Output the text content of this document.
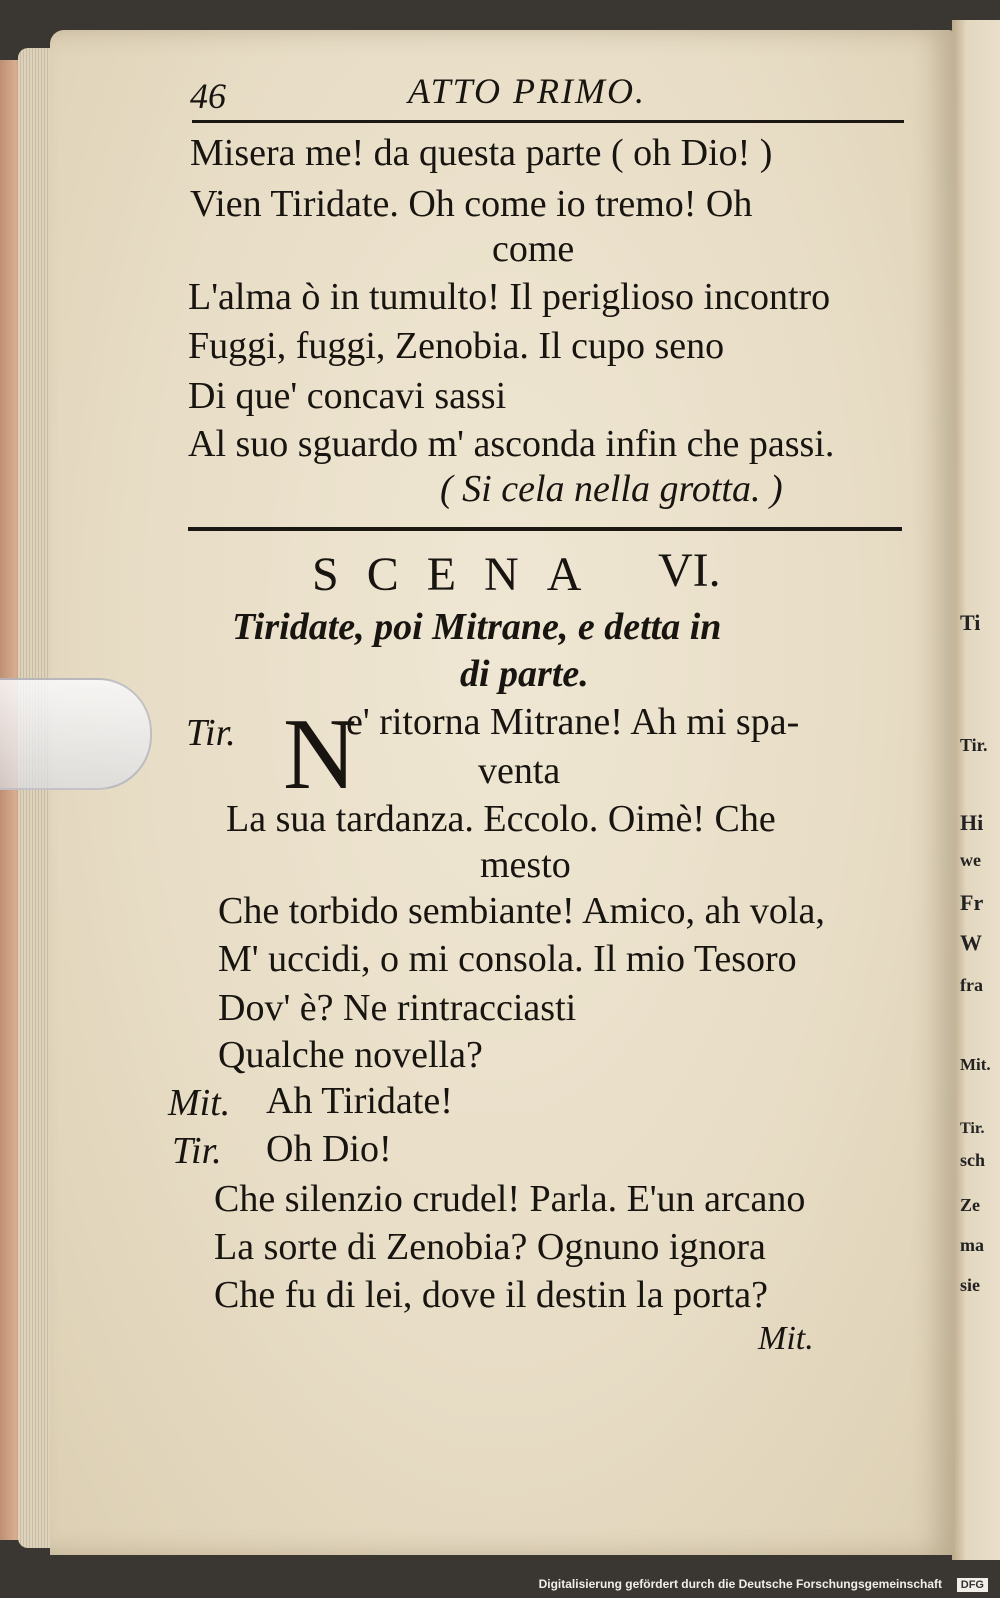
Ti
Tir.
Hi
we
Fr
W
fra
Mit.
Tir.
sch
Ze
ma
sie
46	ATTO PRIMO.
Misera me! da questa parte ( oh Dio! )
Vien Tiridate. Oh come io tremo! Oh
come
L'alma ò in tumulto! Il periglioso incontro
Fuggi, fuggi, Zenobia. Il cupo seno
Di que' concavi sassi
Al suo sguardo m' asconda infin che passi.
( Si cela nella grotta. )
SCENA VI.
Tiridate, poi Mitrane, e detta in
di parte.
Tir. N
e' ritorna Mitrane! Ah mi spa-
venta
La sua tardanza. Eccolo. Oimè! Che
mesto
Che torbido sembiante! Amico, ah vola,
M' uccidi, o mi consola. Il mio Tesoro
Dov' è? Ne rintracciasti
Qualche novella?
Mit. Ah Tiridate!
Tir. Oh Dio!
Che silenzio crudel! Parla. E'un arcano
La sorte di Zenobia? Ognuno ignora
Che fu di lei, dove il destin la porta?
Mit.
Digitalisierung gefördert durch die Deutsche Forschungsgemeinschaft	DFG
